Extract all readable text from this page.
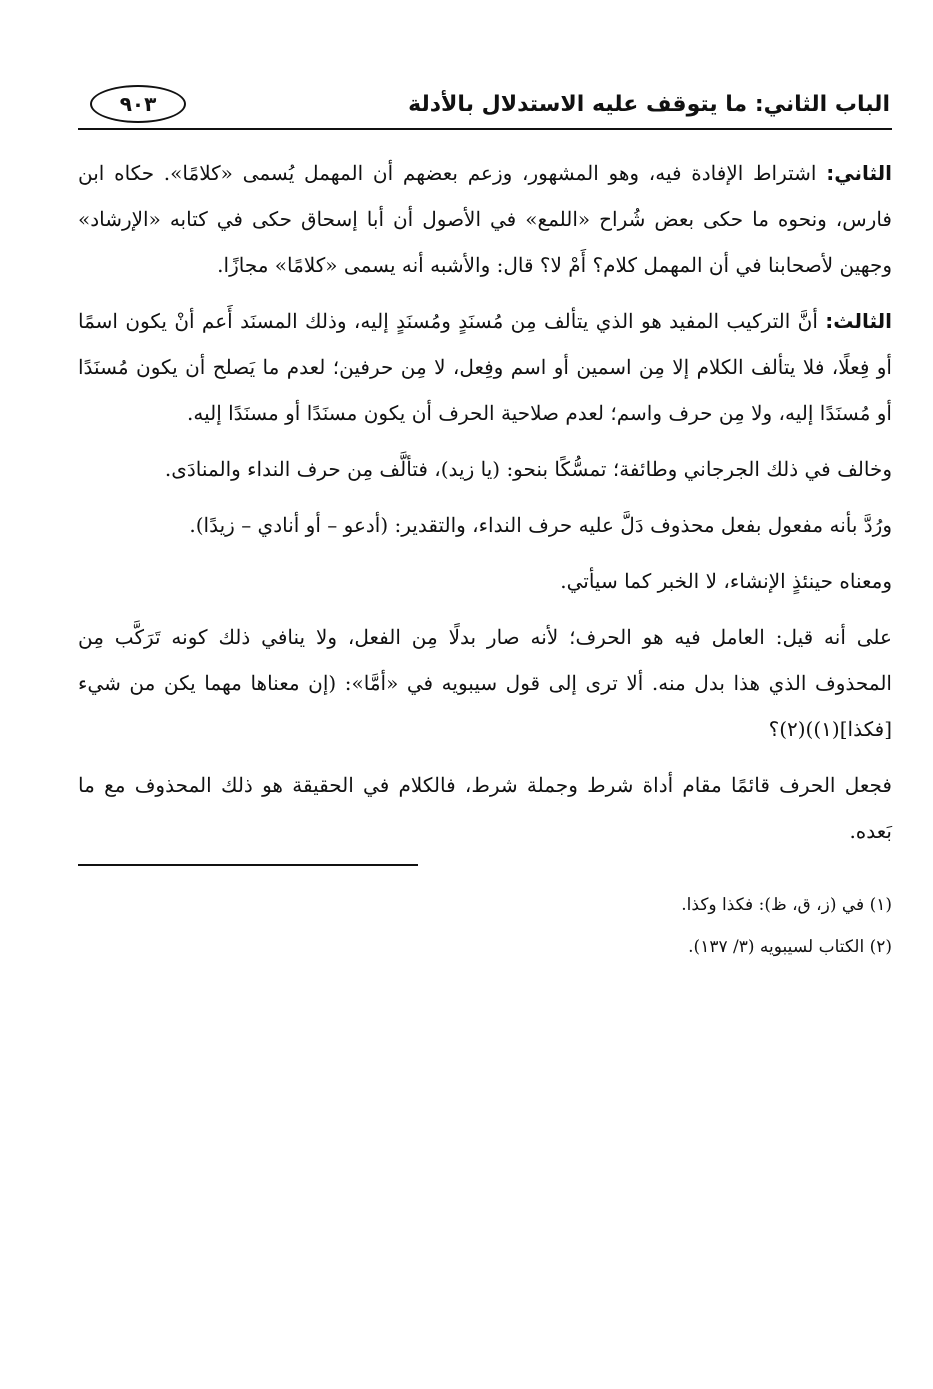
الباب الثاني: ما يتوقف عليه الاستدلال بالأدلة
٩٠٣

الثاني: اشتراط الإفادة فيه، وهو المشهور، وزعم بعضهم أن المهمل يُسمى «كلامًا». حكاه ابن فارس، ونحوه ما حكى بعض شُراح «اللمع» في الأصول أن أبا إسحاق حكى في كتابه «الإرشاد» وجهين لأصحابنا في أن المهمل كلام؟ أَمْ لا؟ قال: والأشبه أنه يسمى «كلامًا» مجازًا.

الثالث: أنَّ التركيب المفيد هو الذي يتألف مِن مُسنَدٍ ومُسنَدٍ إليه، وذلك المسنَد أَعم أنْ يكون اسمًا أو فِعلًا، فلا يتألف الكلام إلا مِن اسمين أو اسم وفِعل، لا مِن حرفين؛ لعدم ما يَصلح أن يكون مُسنَدًا أو مُسنَدًا إليه، ولا مِن حرف واسم؛ لعدم صلاحية الحرف أن يكون مسنَدًا أو مسنَدًا إليه.

وخالف في ذلك الجرجاني وطائفة؛ تمسُّكًا بنحو: (يا زيد)، فتألَّف مِن حرف النداء والمنادَى.

ورُدَّ بأنه مفعول بفعل محذوف دَلَّ عليه حرف النداء، والتقدير: (أدعو – أو أنادي – زيدًا).

ومعناه حينئذٍ الإنشاء، لا الخبر كما سيأتي.

على أنه قيل: العامل فيه هو الحرف؛ لأنه صار بدلًا مِن الفعل، ولا ينافي ذلك كونه تَرَكَّب مِن المحذوف الذي هذا بدل منه. ألا ترى إلى قول سيبويه في «أمَّا»: (إن معناها مهما يكن من شيء [فكذا](١))(٢)؟

فجعل الحرف قائمًا مقام أداة شرط وجملة شرط، فالكلام في الحقيقة هو ذلك المحذوف مع ما بَعده.

(١) في (ز، ق، ظ): فكذا وكذا.
(٢) الكتاب لسيبويه (٣/ ١٣٧).
